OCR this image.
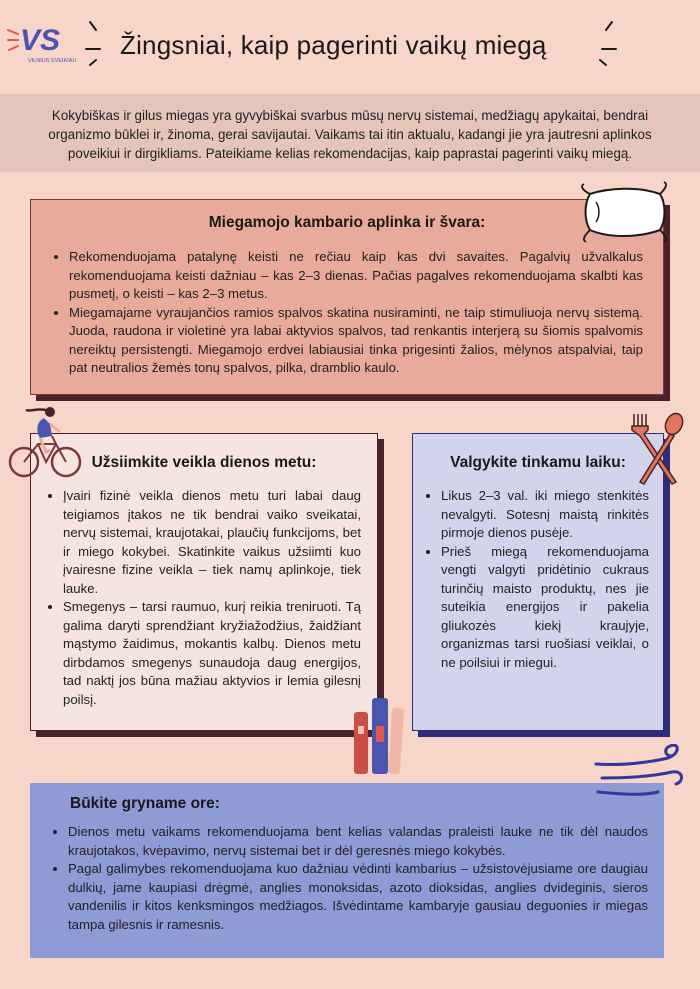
VS
VILNIUS SVEIKIAU
Žingsniai, kaip pagerinti vaikų miegą
Kokybiškas ir gilus miegas yra gyvybiškai svarbus mūsų nervų sistemai, medžiagų apykaitai, bendrai organizmo būklei ir, žinoma, gerai savijautai. Vaikams tai itin aktualu, kadangi jie yra jautresni aplinkos poveikiui ir dirgikliams. Pateikiame kelias rekomendacijas, kaip paprastai pagerinti vaikų miegą.
Miegamojo kambario aplinka ir švara:
• Rekomenduojama patalynę keisti ne rečiau kaip kas dvi savaites. Pagalvių užvalkalus rekomenduojama keisti dažniau – kas 2–3 dienas. Pačias pagalves rekomenduojama skalbti kas pusmetį, o keisti – kas 2–3 metus.
• Miegamajame vyraujančios ramios spalvos skatina nusiraminti, ne taip stimuliuoja nervų sistemą. Juoda, raudona ir violetinė yra labai aktyvios spalvos, tad renkantis interjerą su šiomis spalvomis nereiktų persistengti. Miegamojo erdvei labiausiai tinka prigesinti žalios, mėlynos atspalviai, taip pat neutralios žemės tonų spalvos, pilka, dramblio kaulo.
Užsiimkite veikla dienos metu:
• Įvairi fizinė veikla dienos metu turi labai daug teigiamos įtakos ne tik bendrai vaiko sveikatai, nervų sistemai, kraujotakai, plaučių funkcijoms, bet ir miego kokybei. Skatinkite vaikus užsiimti kuo įvairesne fizine veikla – tiek namų aplinkoje, tiek lauke.
• Smegenys – tarsi raumuo, kurį reikia treniruoti. Tą galima daryti sprendžiant kryžiažodžius, žaidžiant mąstymo žaidimus, mokantis kalbų. Dienos metu dirbdamos smegenys sunaudoja daug energijos, tad naktį jos būna mažiau aktyvios ir lemia gilesnį poilsį.
Valgykite tinkamu laiku:
• Likus 2–3 val. iki miego stenkitės nevalgyti. Sotesnį maistą rinkitės pirmoje dienos pusėje.
• Prieš miegą rekomenduojama vengti valgyti pridėtinio cukraus turinčių maisto produktų, nes jie suteikia energijos ir pakelia gliukozės kiekį kraujyje, organizmas tarsi ruošiasi veiklai, o ne poilsiui ir miegui.
Būkite gryname ore:
• Dienos metu vaikams rekomenduojama bent kelias valandas praleisti lauke ne tik dėl naudos kraujotakos, kvėpavimo, nervų sistemai bet ir dėl geresnės miego kokybės.
• Pagal galimybes rekomenduojama kuo dažniau vėdinti kambarius – užsistovėjusiame ore daugiau dulkių, jame kaupiasi drėgmė, anglies monoksidas, azoto dioksidas, anglies dvideginis, sieros vandenilis ir kitos kenksmingos medžiagos. Išvėdintame kambaryje gausiau deguonies ir miegas tampa gilesnis ir ramesnis.
